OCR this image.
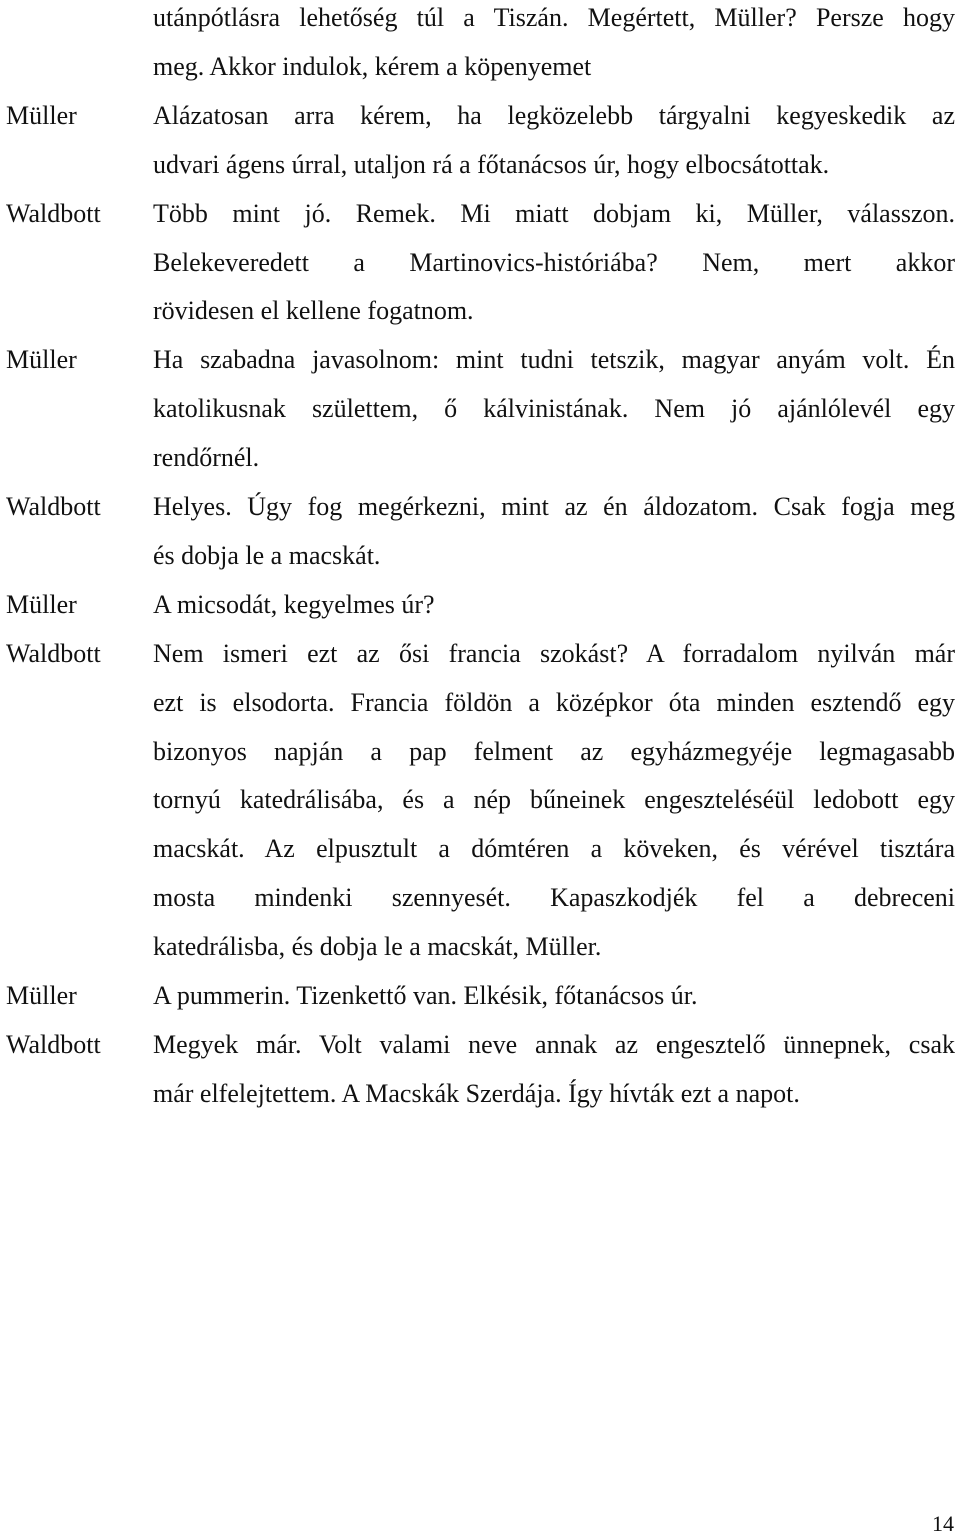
utánpótlásra lehetőség túl a Tiszán. Megértett, Müller? Persze hogy
meg. Akkor indulok, kérem a köpenyemet
Müller	Alázatosan arra kérem, ha legközelebb tárgyalni kegyeskedik az
udvari ágens úrral, utaljon rá a főtanácsos úr, hogy elbocsátottak.
Waldbott Több mint jó. Remek. Mi miatt dobjam ki, Müller, válasszon.
Belekeveredett a Martinovics-históriába? Nem, mert akkor
rövidesen el kellene fogatnom.
Müller	Ha szabadna javasolnom: mint tudni tetszik, magyar anyám volt. Én
katolikusnak születtem, ő kálvinistának. Nem jó ajánlólevél egy
rendőrnél.
Waldbott Helyes. Úgy fog megérkezni, mint az én áldozatom. Csak fogja meg
és dobja le a macskát.
Müller	A micsodát, kegyelmes úr?
Waldbott Nem ismeri ezt az ősi francia szokást? A forradalom nyilván már
ezt is elsodorta. Francia földön a középkor óta minden esztendő egy
bizonyos napján a pap felment az egyházmegyéje legmagasabb
tornyú katedrálisába, és a nép bűneinek engeszteléséül ledobott egy
macskát. Az elpusztult a dómtéren a köveken, és vérével tisztára
mosta mindenki szennyesét. Kapaszkodjék fel a debreceni
katedrálisba, és dobja le a macskát, Müller.
Müller	A pummerin. Tizenkettő van. Elkésik, főtanácsos úr.
Waldbott Megyek már. Volt valami neve annak az engesztelő ünnepnek, csak
már elfelejtettem. A Macskák Szerdája. Így hívták ezt a napot.
14
